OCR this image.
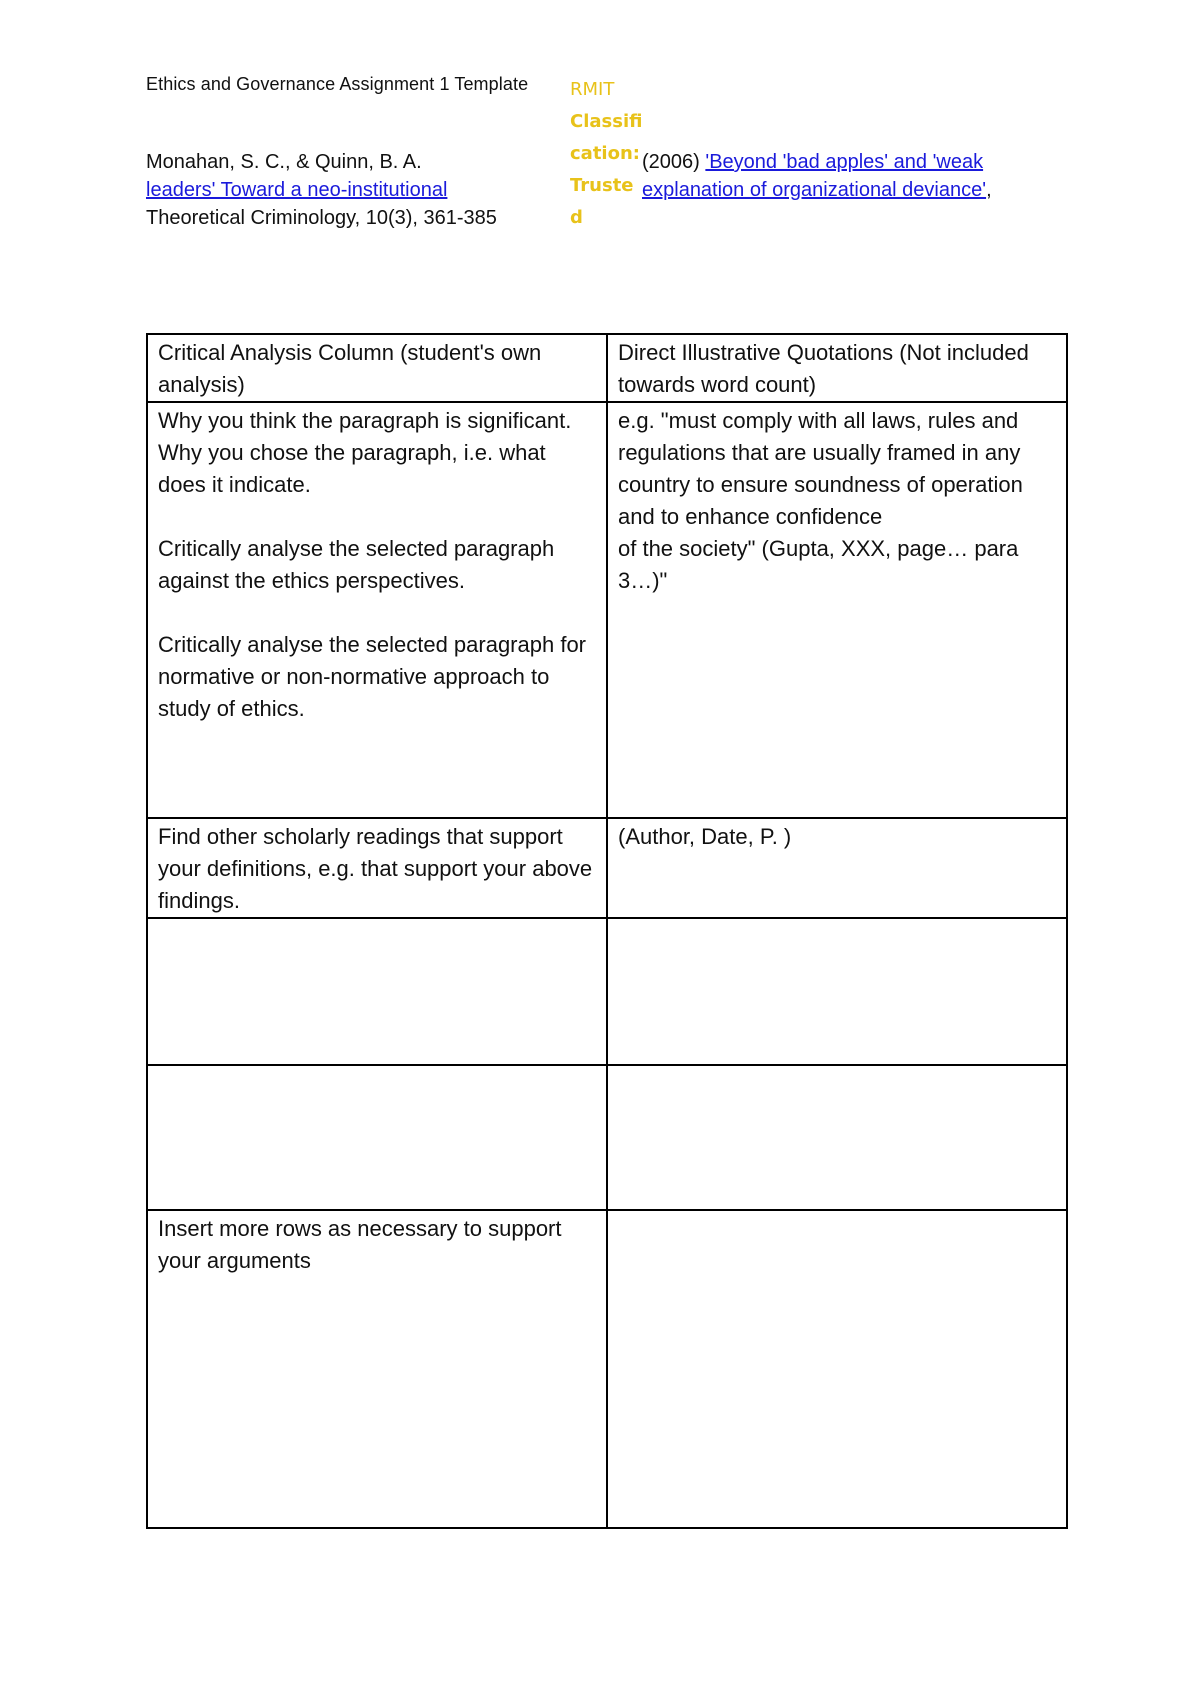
Ethics and Governance Assignment 1 Template RMIT
Classifi
cation:
Truste
d
Monahan, S. C., & Quinn, B. A.
leaders' Toward a neo-institutional
Theoretical Criminology, 10(3), 361-385
(2006) 'Beyond 'bad apples' and 'weak
explanation of organizational deviance',
Critical Analysis Column (student's own analysis)	Direct Illustrative Quotations (Not included towards word count)

Why you think the paragraph is significant.
Why you chose the paragraph, i.e. what does it indicate.
Critically analyse the selected paragraph against the ethics perspectives.
Critically analyse the selected paragraph for normative or non-normative approach to study of ethics.	e.g. "must comply with all laws, rules and regulations that are usually framed in any country to ensure soundness of operation and to enhance confidence
of the society" (Gupta, XXX, page… para 3…)"

Find other scholarly readings that support your definitions, e.g. that support your above findings.	(Author, Date, P. )

Insert more rows as necessary to support your arguments	
